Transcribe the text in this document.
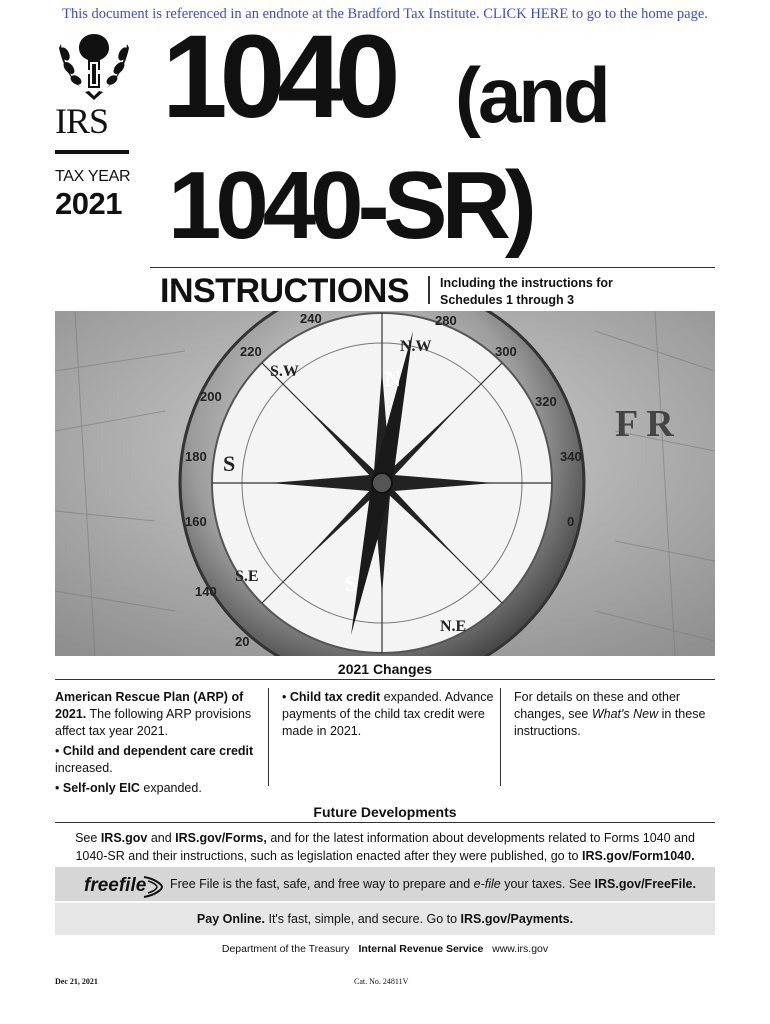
This document is referenced in an endnote at the Bradford Tax Institute. CLICK HERE to go to the home page.
IRS
TAX YEAR
2021
1040 (and
1040-SR)
INSTRUCTIONS Including the instructions for
Schedules 1 through 3
F R
N
S
S
N.W
S.W
N.E
S.E
240	280
300
320
340
0
20
140
160
180
200
220
2021 Changes

American Rescue Plan (ARP) of 2021. The following ARP provisions affect tax year 2021.

• Child and dependent care credit increased.

• Self-only EIC expanded.

• Child tax credit expanded. Advance payments of the child tax credit were made in 2021.

For details on these and other changes, see What's New in these instructions.

Future Developments
See IRS.gov and IRS.gov/Forms, and for the latest information about developments related to Forms 1040 and 1040-SR and their instructions, such as legislation enacted after they were published, go to IRS.gov/Form1040.
freefile Free File is the fast, safe, and free way to prepare and e-file your taxes. See IRS.gov/FreeFile.
Pay Online. It's fast, simple, and secure. Go to IRS.gov/Payments.
Department of the Treasury Internal Revenue Service www.irs.gov
Dec 21, 2021	Cat. No. 24811V
